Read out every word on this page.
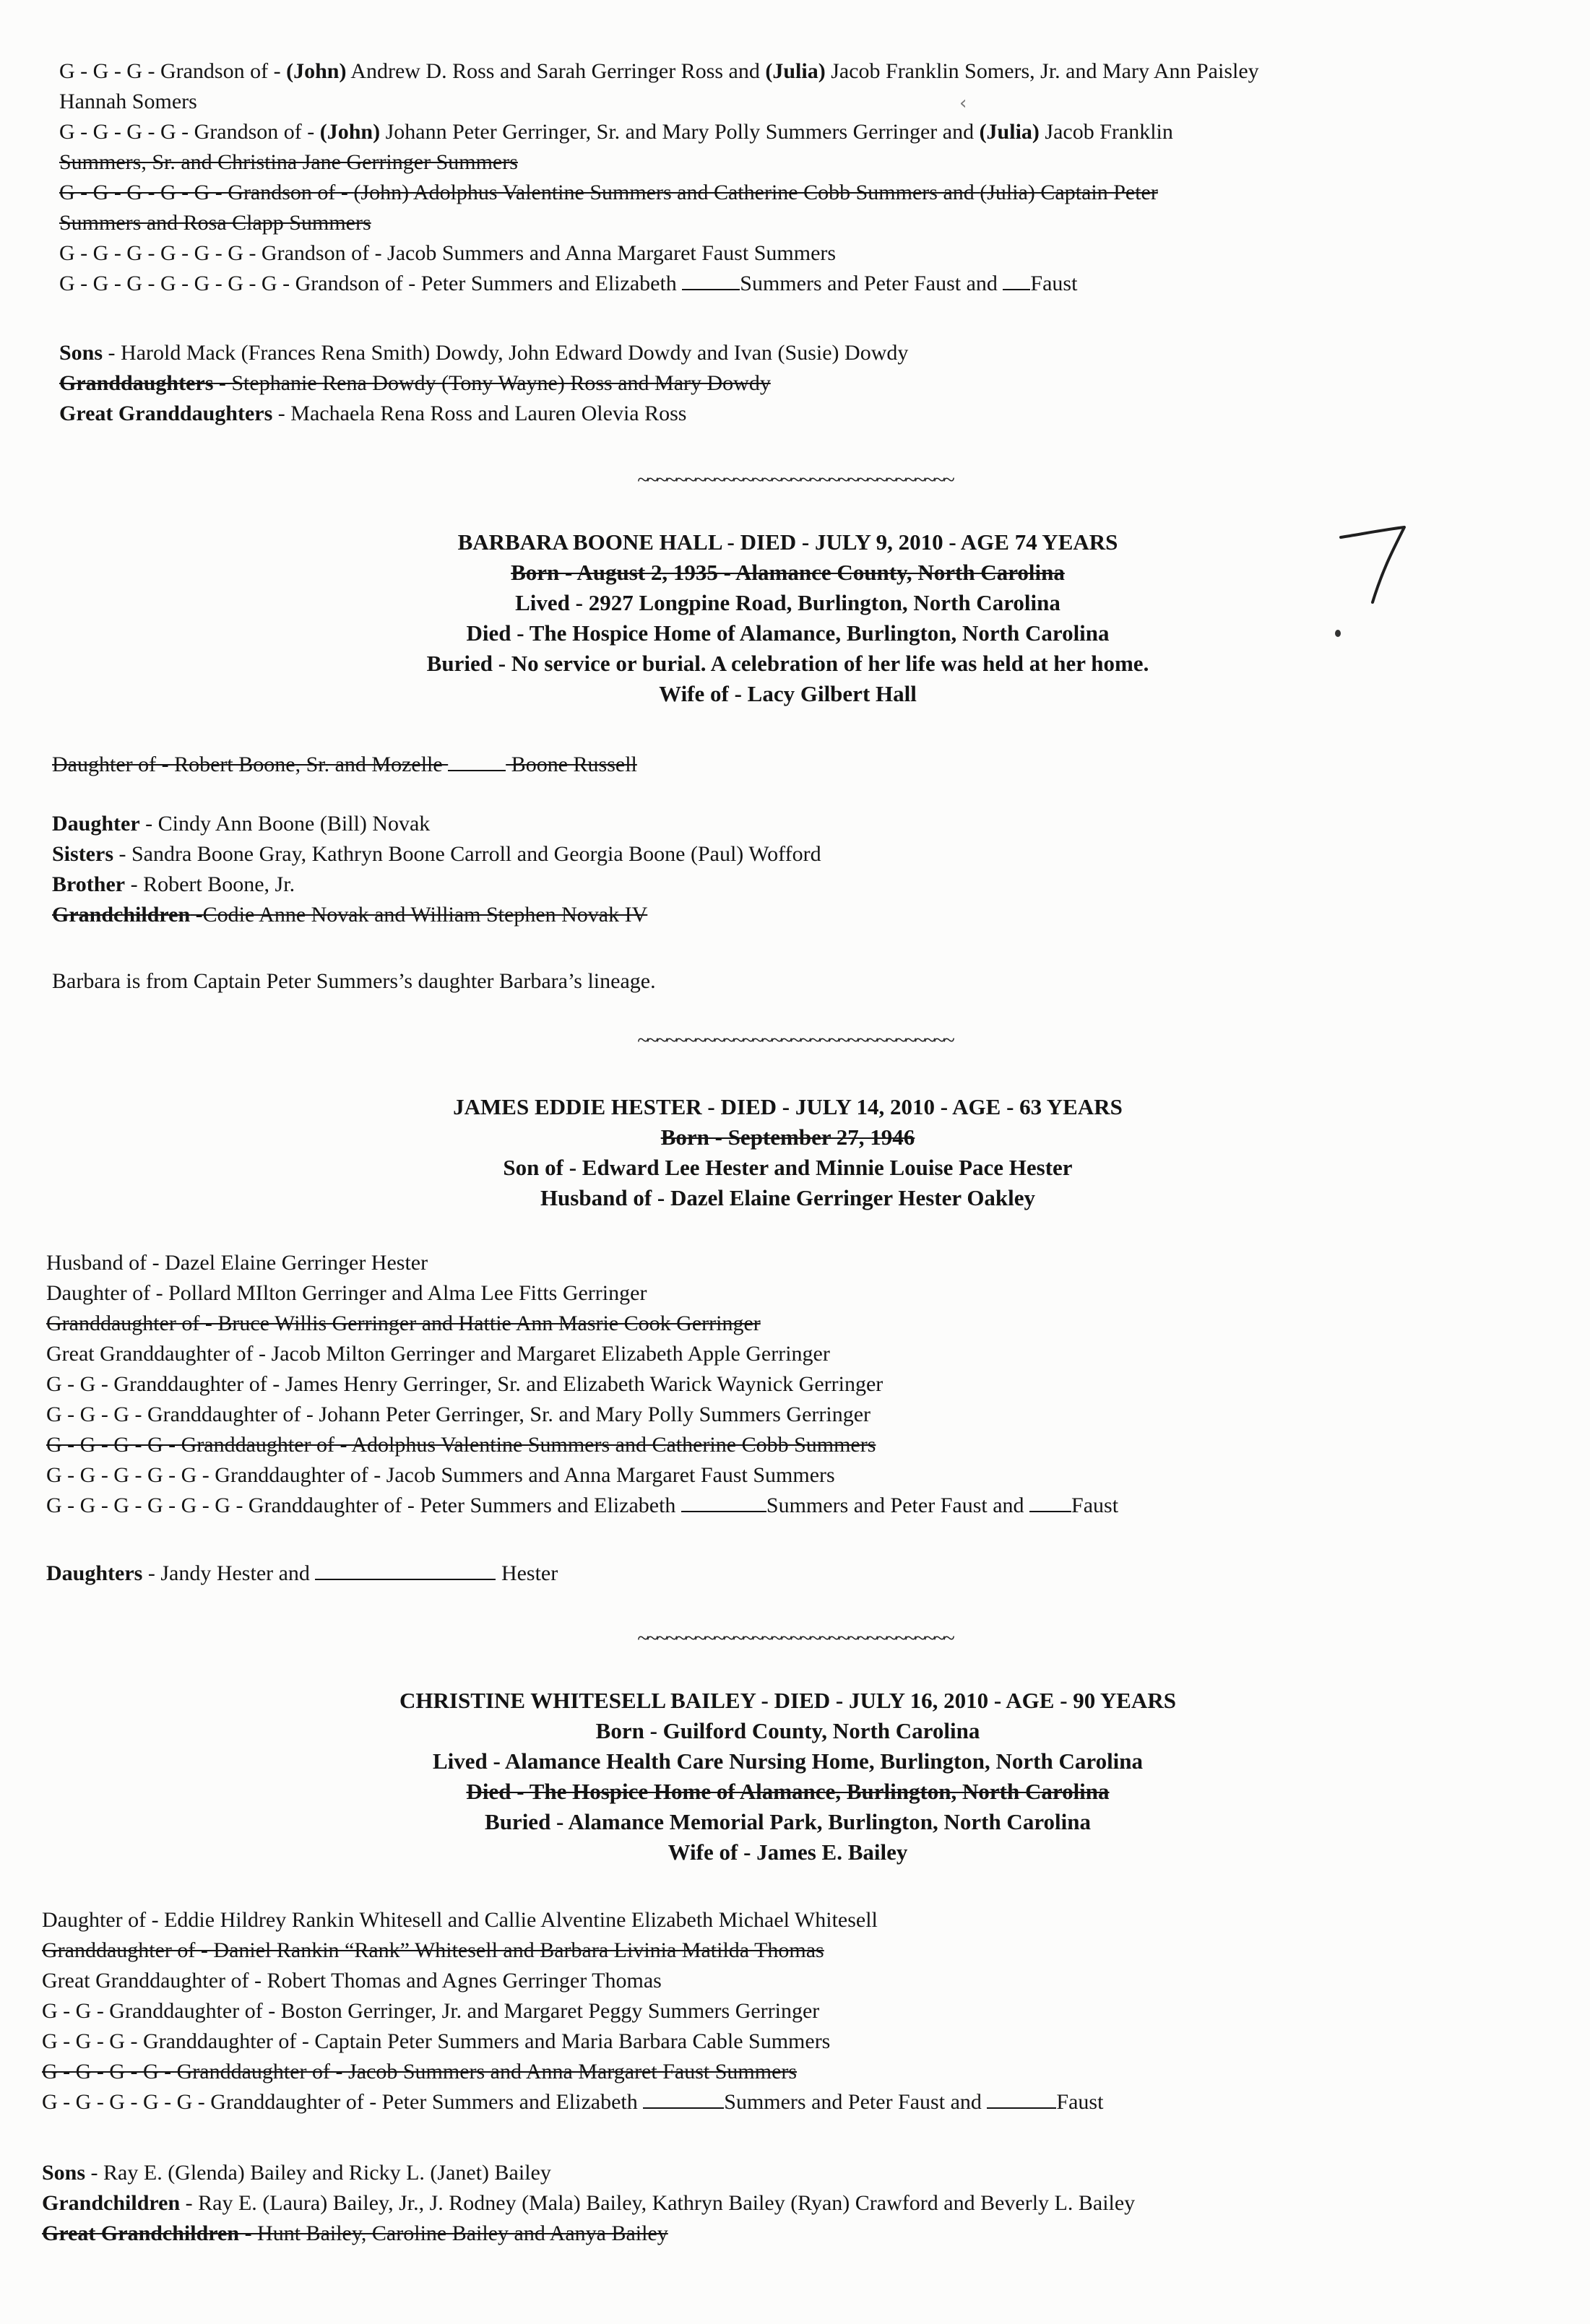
G - G - G - Grandson of - (John) Andrew D. Ross and Sarah Gerringer Ross and (Julia) Jacob Franklin Somers, Jr. and Mary Ann Paisley
Hannah Somers
G - G - G - G - Grandson of - (John) Johann Peter Gerringer, Sr. and Mary Polly Summers Gerringer and (Julia) Jacob Franklin
Summers, Sr. and Christina Jane Gerringer Summers
G - G - G - G - G - Grandson of - (John) Adolphus Valentine Summers and Catherine Cobb Summers and (Julia) Captain Peter
Summers and Rosa Clapp Summers
G - G - G - G - G - G - Grandson of - Jacob Summers and Anna Margaret Faust Summers
G - G - G - G - G - G - G - Grandson of - Peter Summers and Elizabeth	Summers and Peter Faust and Faust
Sons - Harold Mack (Frances Rena Smith) Dowdy, John Edward Dowdy and Ivan (Susie) Dowdy
Granddaughters - Stephanie Rena Dowdy (Tony Wayne) Ross and Mary Dowdy
Great Granddaughters - Machaela Rena Ross and Lauren Olevia Ross
~~~~~~~~~~~~~~~~~~~~~~~~~~~~~~~~~
BARBARA BOONE HALL - DIED - JULY 9, 2010 - AGE 74 YEARS
Born - August 2, 1935 - Alamance County, North Carolina
Lived - 2927 Longpine Road, Burlington, North Carolina
Died - The Hospice Home of Alamance, Burlington, North Carolina
Buried - No service or burial. A celebration of her life was held at her home.
Wife of - Lacy Gilbert Hall
Daughter of - Robert Boone, Sr. and Mozelle	Boone Russell
Daughter - Cindy Ann Boone (Bill) Novak
Sisters - Sandra Boone Gray, Kathryn Boone Carroll and Georgia Boone (Paul) Wofford
Brother - Robert Boone, Jr.
Grandchildren -Codie Anne Novak and William Stephen Novak IV
Barbara is from Captain Peter Summers’s daughter Barbara’s lineage.
~~~~~~~~~~~~~~~~~~~~~~~~~~~~~~~~~
JAMES EDDIE HESTER - DIED - JULY 14, 2010 - AGE - 63 YEARS
Born - September 27, 1946
Son of - Edward Lee Hester and Minnie Louise Pace Hester
Husband of - Dazel Elaine Gerringer Hester Oakley
Husband of - Dazel Elaine Gerringer Hester
Daughter of - Pollard MIlton Gerringer and Alma Lee Fitts Gerringer
Granddaughter of - Bruce Willis Gerringer and Hattie Ann Masrie Cook Gerringer
Great Granddaughter of - Jacob Milton Gerringer and Margaret Elizabeth Apple Gerringer
G - G - Granddaughter of - James Henry Gerringer, Sr. and Elizabeth Warick Waynick Gerringer
G - G - G - Granddaughter of - Johann Peter Gerringer, Sr. and Mary Polly Summers Gerringer
G - G - G - G - Granddaughter of - Adolphus Valentine Summers and Catherine Cobb Summers
G - G - G - G - G - Granddaughter of - Jacob Summers and Anna Margaret Faust Summers
G - G - G - G - G - G - Granddaughter of - Peter Summers and Elizabeth	Summers and Peter Faust and Faust
Daughters - Jandy Hester and	Hester
~~~~~~~~~~~~~~~~~~~~~~~~~~~~~~~~~
CHRISTINE WHITESELL BAILEY - DIED - JULY 16, 2010 - AGE - 90 YEARS
Born - Guilford County, North Carolina
Lived - Alamance Health Care Nursing Home, Burlington, North Carolina
Died - The Hospice Home of Alamance, Burlington, North Carolina
Buried - Alamance Memorial Park, Burlington, North Carolina
Wife of - James E. Bailey
Daughter of - Eddie Hildrey Rankin Whitesell and Callie Alventine Elizabeth Michael Whitesell
Granddaughter of - Daniel Rankin “Rank” Whitesell and Barbara Livinia Matilda Thomas
Great Granddaughter of - Robert Thomas and Agnes Gerringer Thomas
G - G - Granddaughter of - Boston Gerringer, Jr. and Margaret Peggy Summers Gerringer
G - G - G - Granddaughter of - Captain Peter Summers and Maria Barbara Cable Summers
G - G - G - G - Granddaughter of - Jacob Summers and Anna Margaret Faust Summers
G - G - G - G - G - Granddaughter of - Peter Summers and Elizabeth	Summers and Peter Faust and	Faust
Sons - Ray E. (Glenda) Bailey and Ricky L. (Janet) Bailey
Grandchildren - Ray E. (Laura) Bailey, Jr., J. Rodney (Mala) Bailey, Kathryn Bailey (Ryan) Crawford and Beverly L. Bailey
Great Grandchildren - Hunt Bailey, Caroline Bailey and Aanya Bailey
‹
